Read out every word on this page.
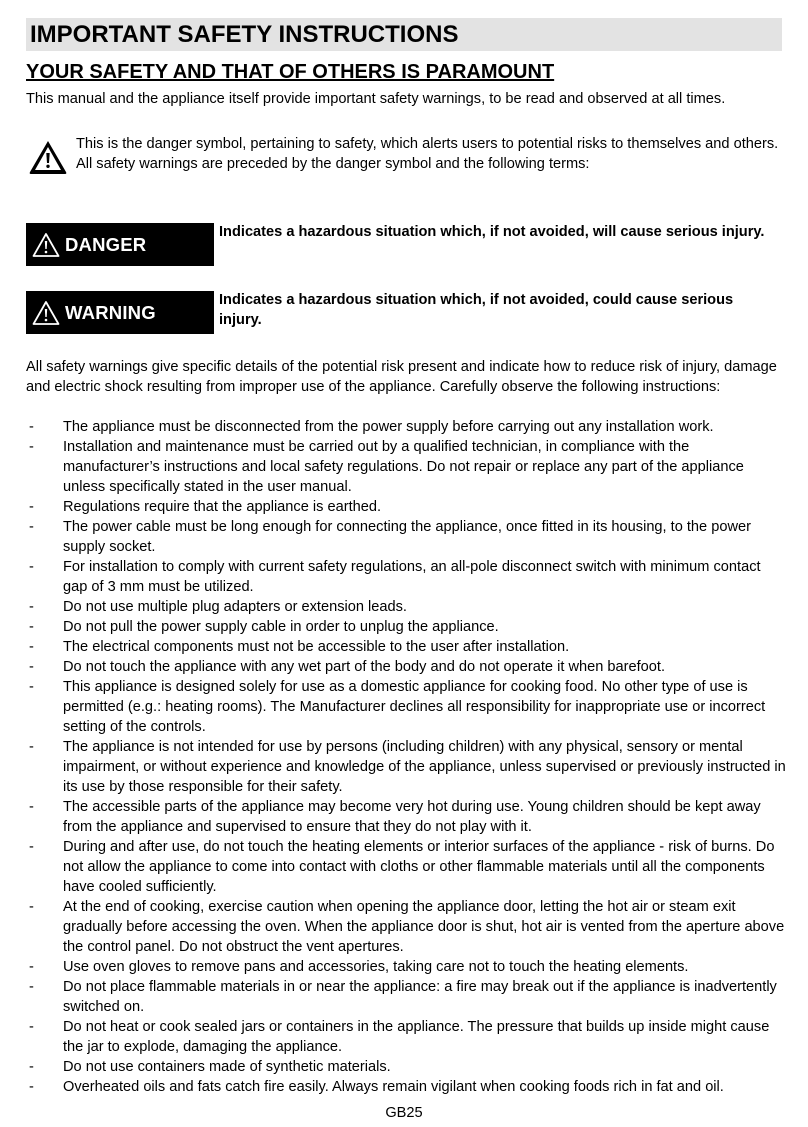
IMPORTANT SAFETY INSTRUCTIONS
YOUR SAFETY AND THAT OF OTHERS IS PARAMOUNT
This manual and the appliance itself provide important safety warnings, to be read and observed at all times.

This is the danger symbol, pertaining to safety, which alerts users to potential risks to themselves and others.

All safety warnings are preceded by the danger symbol and the following terms:

DANGER
Indicates a hazardous situation which, if not avoided, will cause serious injury.
WARNING
Indicates a hazardous situation which, if not avoided, could cause serious injury.
All safety warnings give specific details of the potential risk present and indicate how to reduce risk of injury, damage and electric shock resulting from improper use of the appliance. Carefully observe the following instructions:
- The appliance must be disconnected from the power supply before carrying out any installation work.
- Installation and maintenance must be carried out by a qualified technician, in compliance with the manufacturer’s instructions and local safety regulations. Do not repair or replace any part of the appliance unless specifically stated in the user manual.
- Regulations require that the appliance is earthed.
- The power cable must be long enough for connecting the appliance, once fitted in its housing, to the power supply socket.
- For installation to comply with current safety regulations, an all-pole disconnect switch with minimum contact gap of 3 mm must be utilized.
- Do not use multiple plug adapters or extension leads.
- Do not pull the power supply cable in order to unplug the appliance.
- The electrical components must not be accessible to the user after installation.
- Do not touch the appliance with any wet part of the body and do not operate it when barefoot.
- This appliance is designed solely for use as a domestic appliance for cooking food. No other type of use is permitted (e.g.: heating rooms). The Manufacturer declines all responsibility for inappropriate use or incorrect setting of the controls.
- The appliance is not intended for use by persons (including children) with any physical, sensory or mental impairment, or without experience and knowledge of the appliance, unless supervised or previously instructed in its use by those responsible for their safety.
- The accessible parts of the appliance may become very hot during use. Young children should be kept away from the appliance and supervised to ensure that they do not play with it.
- During and after use, do not touch the heating elements or interior surfaces of the appliance - risk of burns. Do not allow the appliance to come into contact with cloths or other flammable materials until all the components have cooled sufficiently.
- At the end of cooking, exercise caution when opening the appliance door, letting the hot air or steam exit gradually before accessing the oven. When the appliance door is shut, hot air is vented from the aperture above the control panel. Do not obstruct the vent apertures.
- Use oven gloves to remove pans and accessories, taking care not to touch the heating elements.
- Do not place flammable materials in or near the appliance: a fire may break out if the appliance is inadvertently switched on.
- Do not heat or cook sealed jars or containers in the appliance. The pressure that builds up inside might cause the jar to explode, damaging the appliance.
- Do not use containers made of synthetic materials.
- Overheated oils and fats catch fire easily. Always remain vigilant when cooking foods rich in fat and oil.
GB25
